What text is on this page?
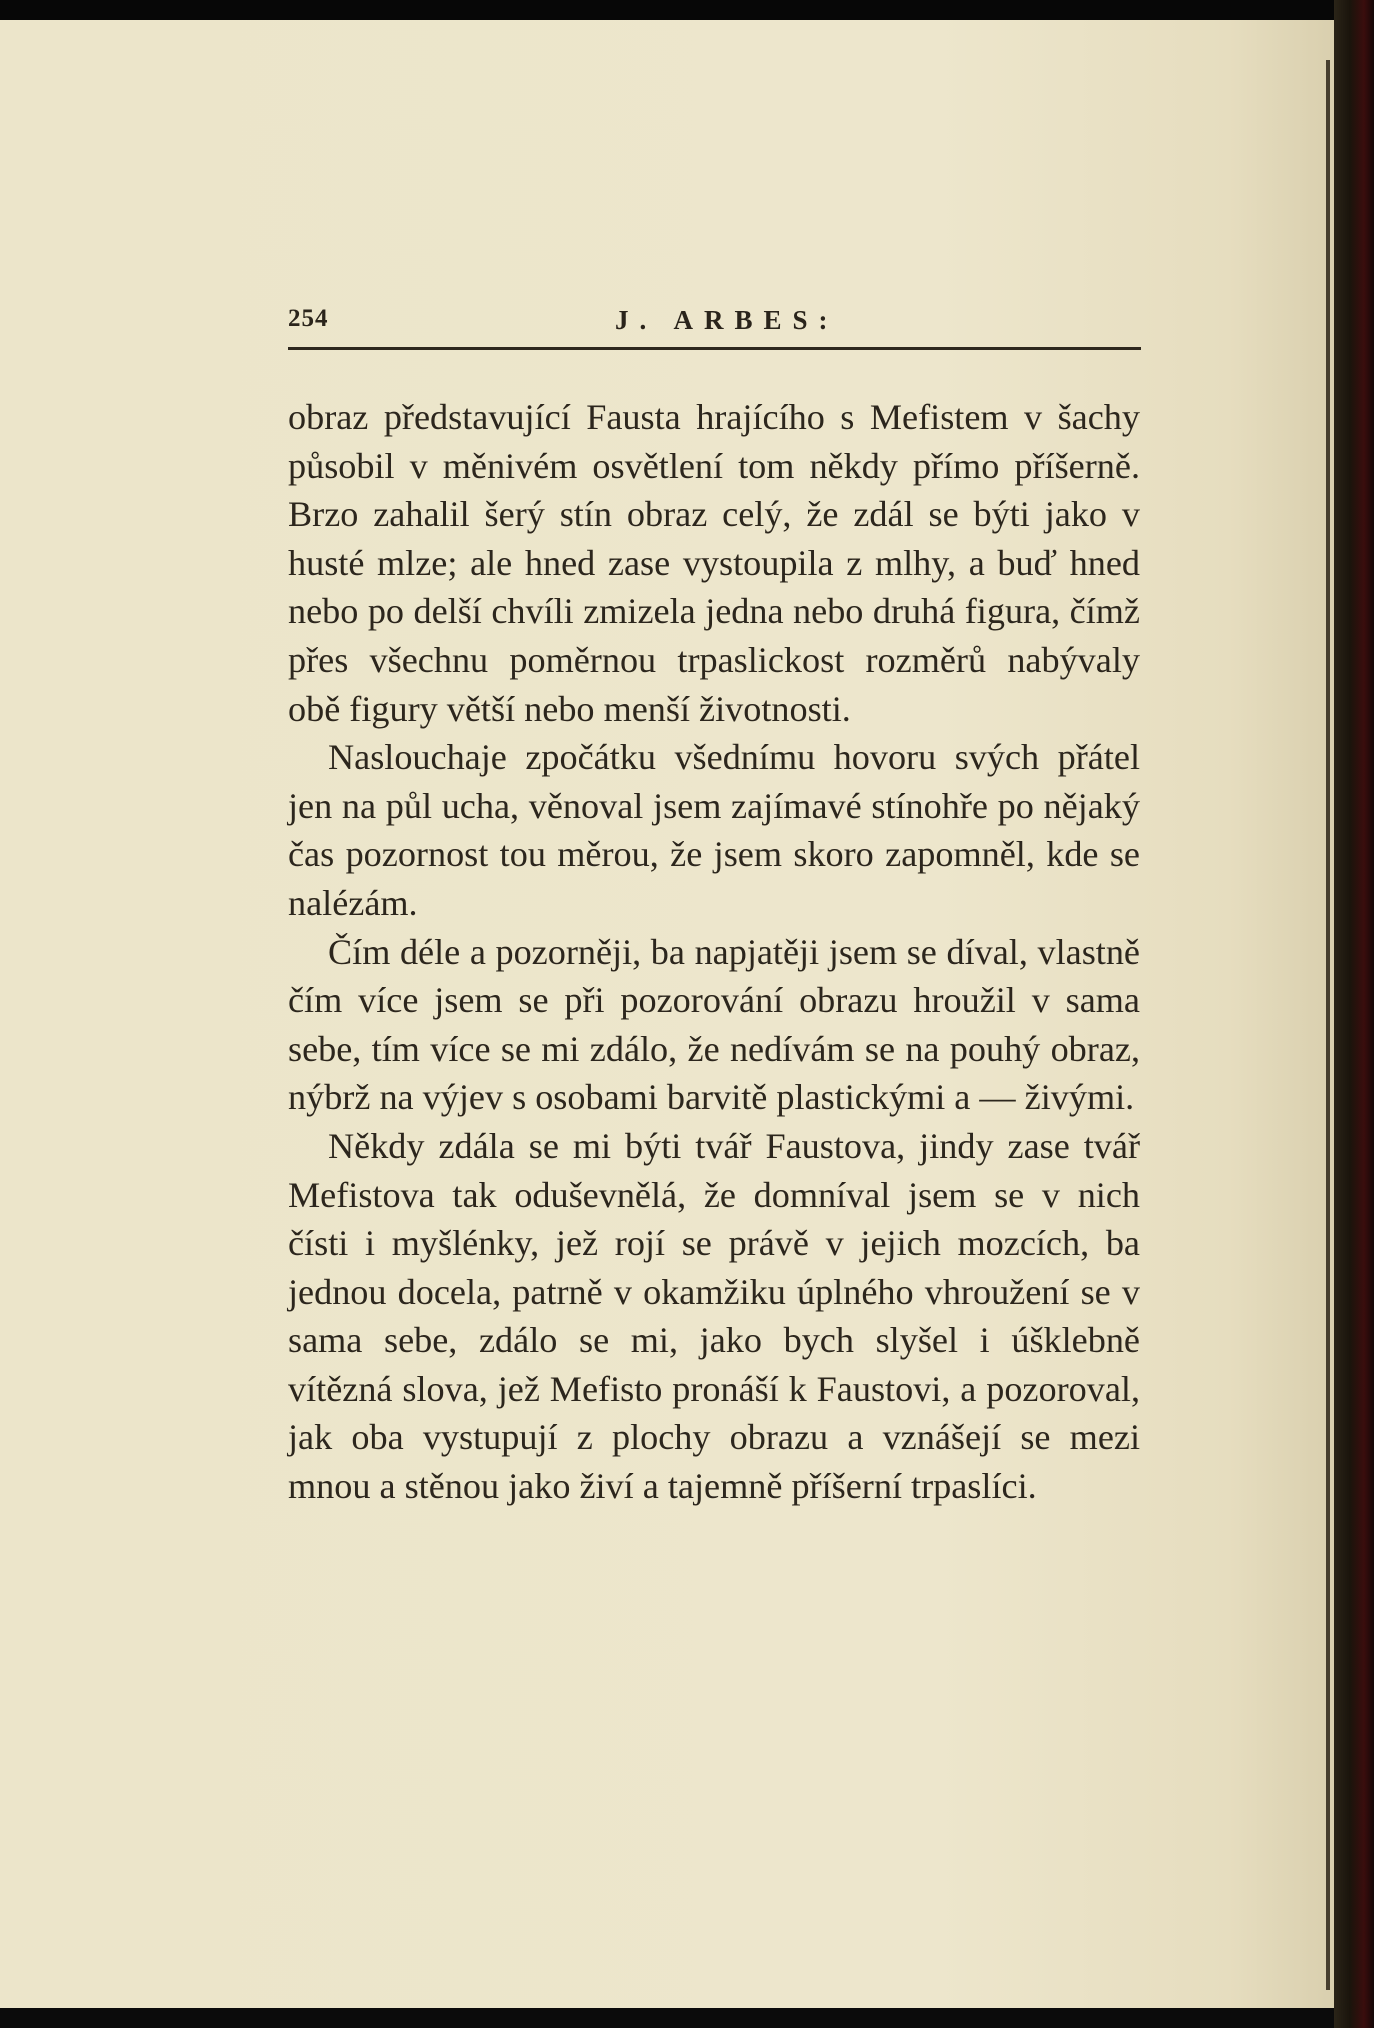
254	J. ARBES:

obraz představující Fausta hrajícího s Mefistem v šachy působil v měnivém osvětlení tom někdy přímo příšerně. Brzo zahalil šerý stín obraz celý, že zdál se býti jako v husté mlze; ale hned zase vystoupila z mlhy, a buď hned nebo po delší chvíli zmizela jedna nebo druhá figura, čímž přes všechnu poměrnou trpaslickost rozměrů nabývaly obě figury větší nebo menší životnosti.

Naslouchaje zpočátku všednímu hovoru svých přátel jen na půl ucha, věnoval jsem zajímavé stínohře po nějaký čas pozornost tou měrou, že jsem skoro zapomněl, kde se nalézám.

Čím déle a pozorněji, ba napjatěji jsem se díval, vlastně čím více jsem se při pozorování obrazu hroužil v sama sebe, tím více se mi zdálo, že nedívám se na pouhý obraz, nýbrž na výjev s osobami barvitě plastickými a — živými.

Někdy zdála se mi býti tvář Faustova, jindy zase tvář Mefistova tak oduševnělá, že domníval jsem se v nich čísti i myšlénky, jež rojí se právě v jejich mozcích, ba jednou docela, patrně v okamžiku úplného vhroužení se v sama sebe, zdálo se mi, jako bych slyšel i úšklebně vítězná slova, jež Mefisto pronáší k Faustovi, a pozoroval, jak oba vystupují z plochy obrazu a vznášejí se mezi mnou a stěnou jako živí a tajemně příšerní trpaslíci.
